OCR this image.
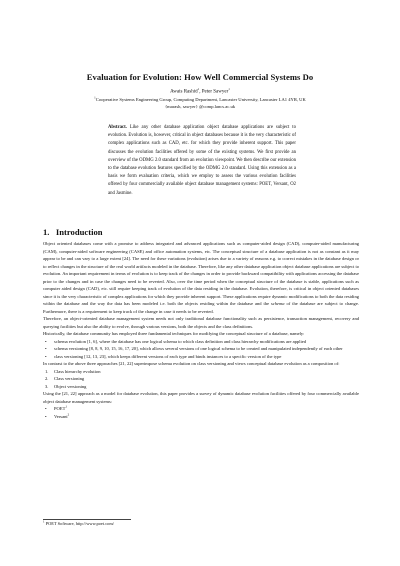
Evaluation for Evolution: How Well Commercial Systems Do
Awais Rashid$^1$, Peter Sawyer$^1$
$^1$Cooperative Systems Engineering Group, Computing Department, Lancaster University, Lancaster LA1 4YR, UK
{marash, sawyer} @comp.lancs.ac.uk

Abstract. Like any other database application object database applications are subject to evolution. Evolution is, however, critical in object databases because it is the very characteristic of complex applications such as CAD, etc. for which they provide inherent support. This paper discusses the evolution facilities offered by some of the existing systems. We first provide an overview of the ODMG 2.0 standard from an evolution viewpoint. We then describe our extension to the database evolution features specified by the ODMG 2.0 standard. Using this extension as a basis we form evaluation criteria, which we employ to assess the various evolution facilities offered by four commercially available object database management systems: POET, Versant, O2 and Jasmine.

1. Introduction

Object oriented databases come with a promise to address integrated and advanced applications such as computer-aided design (CAD), computer-aided manufacturing (CAM), computer-aided software engineering (CASE) and office automation systems, etc. The conceptual structure of a database application is not as constant as it may appear to be and can vary to a large extent [24]. The need for these variations (evolution) arises due to a variety of reasons e.g. to correct mistakes in the database design or to reflect changes in the structure of the real world artifacts modeled in the database. Therefore, like any other database application object database applications are subject to evolution. An important requirement in terms of evolution is to keep track of the changes in order to provide backward compatibility with applications accessing the database prior to the changes and in case the changes need to be reverted. Also, over the time period when the conceptual structure of the database is stable, applications such as computer aided design (CAD), etc. still require keeping track of evolution of the data residing in the database. Evolution, therefore, is critical in object oriented databases since it is the very characteristic of complex applications for which they provide inherent support. These applications require dynamic modifications to both the data residing within the database and the way the data has been modeled i.e. both the objects residing within the database and the schema of the database are subject to change. Furthermore, there is a requirement to keep track of the change in case it needs to be reverted.

Therefore, an object-oriented database management system needs not only traditional database functionality such as persistence, transaction management, recovery and querying facilities but also the ability to evolve, through various versions, both the objects and the class definitions.

Historically, the database community has employed three fundamental techniques for modifying the conceptual structure of a database, namely:

• schema evolution [1, 6], where the database has one logical schema to which class definition and class hierarchy modifications are applied
• schema versioning [8, 8, 9, 10, 15, 16, 17, 20], which allows several versions of one logical schema to be created and manipulated independently of each other
• class versioning [12, 13, 23], which keeps different versions of each type and binds instances to a specific version of the type

In contrast to the above three approaches [21, 22] superimpose schema evolution on class versioning and views conceptual database evolution as a composition of:

1. Class hierarchy evolution
2. Class versioning
3. Object versioning

Using the [21, 22] approach as a model for database evolution, this paper provides a survey of dynamic database evolution facilities offered by four commercially available object database management systems:

• POET$^1$
• Versant$^2$
$^1$ POET Software, http://www.poet.com/
